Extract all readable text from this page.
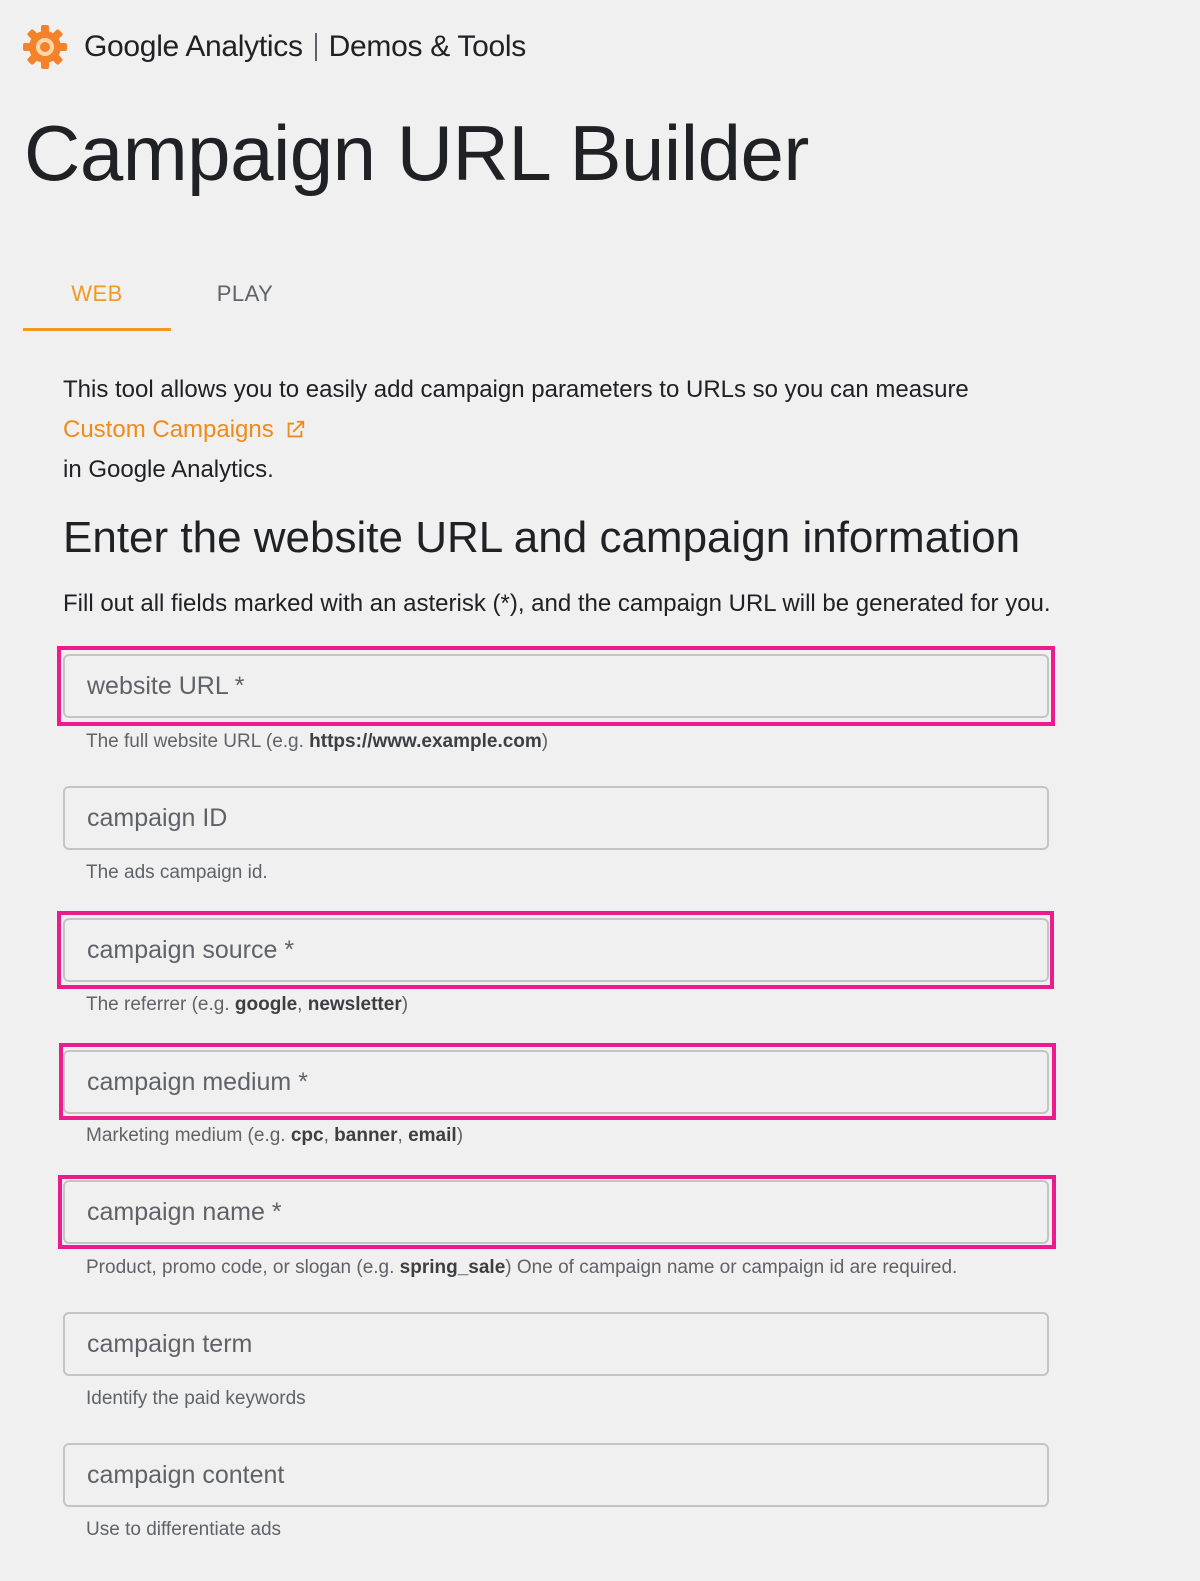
Google Analytics Demos & Tools
Campaign URL Builder
WEB	PLAY
This tool allows you to easily add campaign parameters to URLs so you can measure
Custom Campaigns
in Google Analytics.
Enter the website URL and campaign information
Fill out all fields marked with an asterisk (*), and the campaign URL will be generated for you.
website URL *
The full website URL (e.g. https://www.example.com)
campaign ID
The ads campaign id.
campaign source *
The referrer (e.g. google, newsletter)
campaign medium *
Marketing medium (e.g. cpc, banner, email)
campaign name *
Product, promo code, or slogan (e.g. spring_sale) One of campaign name or campaign id are required.
campaign term
Identify the paid keywords
campaign content
Use to differentiate ads
